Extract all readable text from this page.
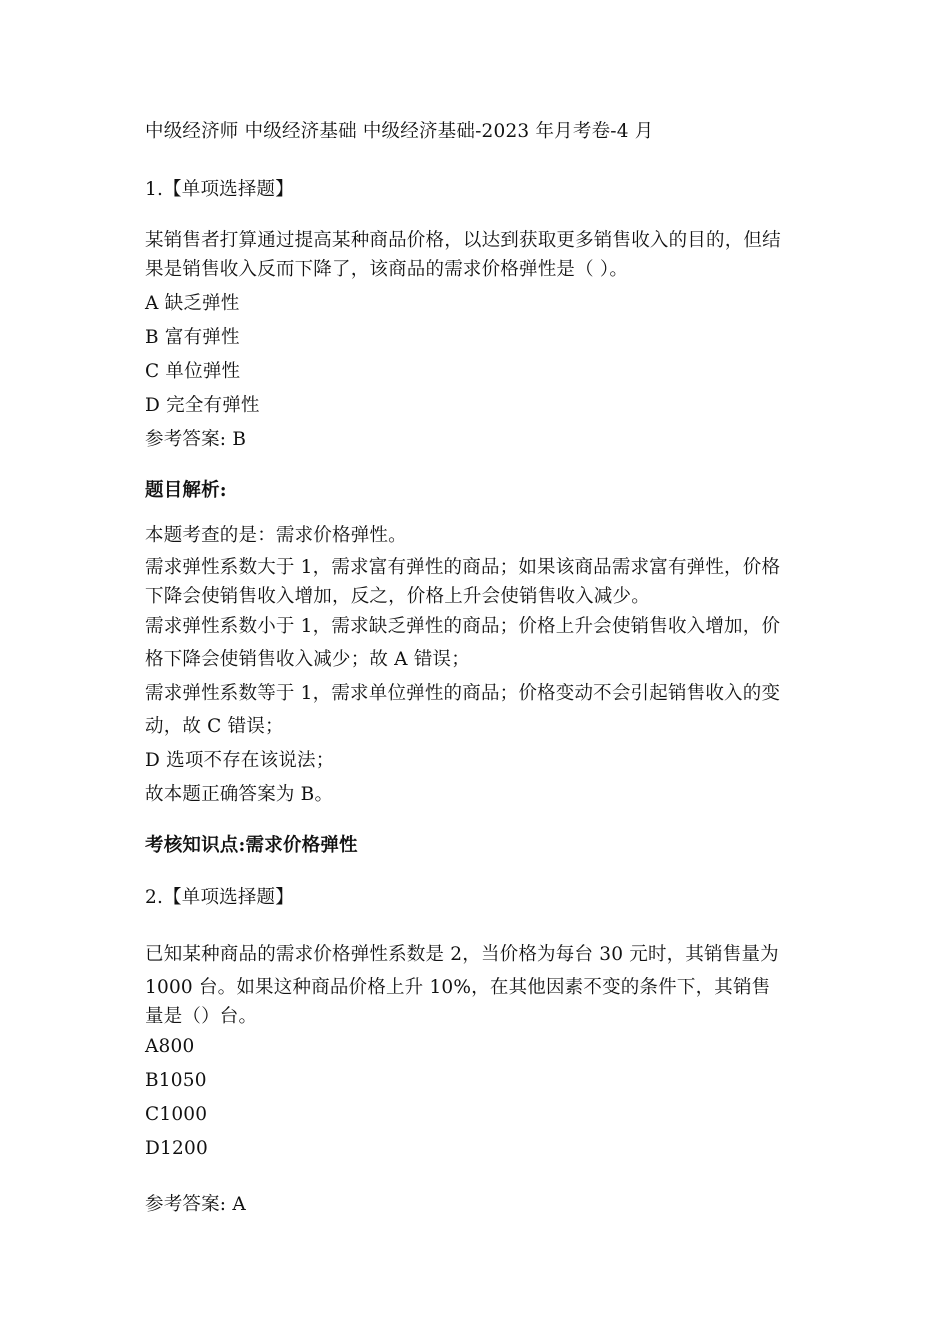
中级经济师 中级经济基础 中级经济基础-2023 年月考卷-4 月
1.【单项选择题】
某销售者打算通过提高某种商品价格，以达到获取更多销售收入的目的，但结
果是销售收入反而下降了，该商品的需求价格弹性是（ ）。
A 缺乏弹性
B 富有弹性
C 单位弹性
D 完全有弹性
参考答案: B
题目解析:
本题考查的是：需求价格弹性。
需求弹性系数大于 1，需求富有弹性的商品；如果该商品需求富有弹性，价格
下降会使销售收入增加，反之，价格上升会使销售收入减少。
需求弹性系数小于 1，需求缺乏弹性的商品；价格上升会使销售收入增加，价
格下降会使销售收入减少；故 A 错误；
需求弹性系数等于 1，需求单位弹性的商品；价格变动不会引起销售收入的变
动，故 C 错误；
D 选项不存在该说法；
故本题正确答案为 B。
考核知识点:需求价格弹性
2.【单项选择题】
已知某种商品的需求价格弹性系数是 2，当价格为每台 30 元时，其销售量为
1000 台。如果这种商品价格上升 10%，在其他因素不变的条件下，其销售
量是（）台。
A800
B1050
C1000
D1200
参考答案: A
